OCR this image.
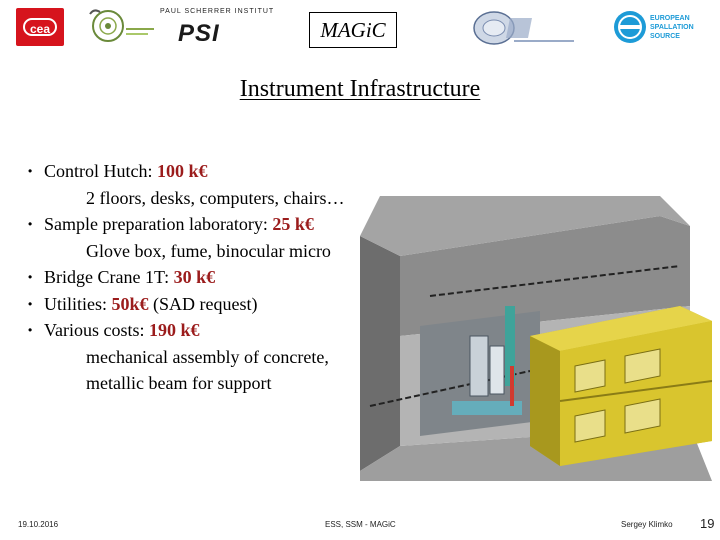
cea
PAUL SCHERRER INSTITUT
PSI	MAGiC	EUROPEAN
SPALLATION
SOURCE
Instrument Infrastructure
• Control Hutch: 100 k€
2 floors, desks, computers, chairs…
• Sample preparation laboratory: 25 k€
Glove box, fume, binocular micro
• Bridge Crane 1T: 30 k€
• Utilities: 50k€ (SAD request)
• Various costs: 190 k€
mechanical assembly of concrete,
metallic beam for support
19.10.2016	ESS, SSM - MAGiC	Sergey Klimko 19
